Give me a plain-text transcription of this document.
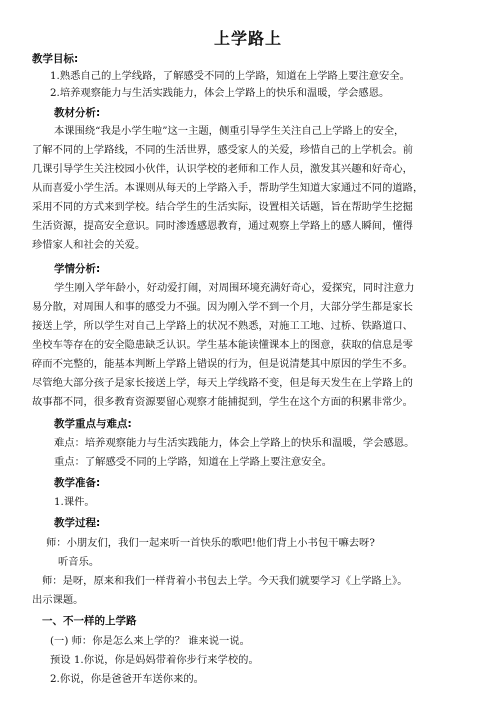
上学路上
教学目标:
1.熟悉自己的上学线路，了解感受不同的上学路，知道在上学路上要注意安全。
2.培养观察能力与生活实践能力，体会上学路上的快乐和温暖，学会感恩。
教材分析:
本课围绕“我是小学生啦”这一主题，侧重引导学生关注自己上学路上的安全，
了解不同的上学路线，不同的生活世界，感受家人的关爱，珍惜自己的上学机会。前
几课引导学生关注校园小伙伴，认识学校的老师和工作人员，激发其兴趣和好奇心，
从而喜爱小学生活。本课则从每天的上学路入手，帮助学生知道大家通过不同的道路，
采用不同的方式来到学校。结合学生的生活实际，设置相关话题，旨在帮助学生挖掘
生活资源，提高安全意识。同时渗透感恩教育，通过观察上学路上的感人瞬间，懂得
珍惜家人和社会的关爱。
学情分析:
学生刚入学年龄小，好动爱打闹，对周围环境充满好奇心，爱探究，同时注意力
易分散，对周围人和事的感受力不强。因为刚入学不到一个月，大部分学生都是家长
接送上学，所以学生对自己上学路上的状况不熟悉，对施工工地、过桥、铁路道口、
坐校车等存在的安全隐患缺乏认识。学生基本能读懂课本上的图意，获取的信息是零
碎而不完整的，能基本判断上学路上错误的行为，但是说清楚其中原因的学生不多。
尽管绝大部分孩子是家长接送上学，每天上学线路不变，但是每天发生在上学路上的
故事都不同，很多教育资源要留心观察才能捕捉到，学生在这个方面的积累非常少。
教学重点与难点:
难点：培养观察能力与生活实践能力，体会上学路上的快乐和温暖，学会感恩。
重点：了解感受不同的上学路，知道在上学路上要注意安全。
教学准备:
1.课件。
教学过程:
师：小朋友们，我们一起来听一首快乐的歌吧!他们背上小书包干嘛去呀?
听音乐。
师：是呀，原来和我们一样背着小书包去上学。今天我们就要学习《上学路上》。
出示课题。
一、不一样的上学路
(一) 师：你是怎么来上学的？ 谁来说一说。
预设 1.你说，你是妈妈带着你步行来学校的。
2.你说，你是爸爸开车送你来的。
